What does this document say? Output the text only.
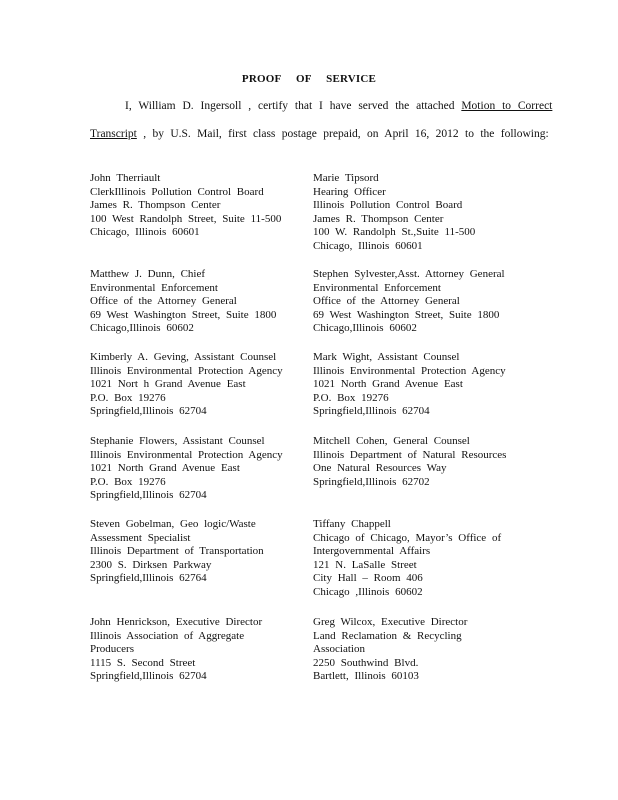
PROOF OF SERVICE
I, William D. Ingersoll , certify that I have served the attached Motion to Correct
Transcript , by U.S. Mail, first class postage prepaid, on April 16, 2012 to the following:
John Therriault
ClerkIllinois Pollution Control Board
James R. Thompson Center
100 West Randolph Street, Suite 11-500
Chicago, Illinois 60601
Marie Tipsord
Hearing Officer
Illinois Pollution Control Board
James R. Thompson Center
100 W. Randolph St.,Suite 11-500
Chicago, Illinois 60601
Matthew J. Dunn, Chief
Environmental Enforcement
Office of the Attorney General
69 West Washington Street, Suite 1800
Chicago,Illinois 60602
Stephen Sylvester,Asst. Attorney General
Environmental Enforcement
Office of the Attorney General
69 West Washington Street, Suite 1800
Chicago,Illinois 60602
Kimberly A. Geving, Assistant Counsel
Illinois Environmental Protection Agency
1021 Nort h Grand Avenue East
P.O. Box 19276
Springfield,Illinois 62704
Mark Wight, Assistant Counsel
Illinois Environmental Protection Agency
1021 North Grand Avenue East
P.O. Box 19276
Springfield,Illinois 62704
Stephanie Flowers, Assistant Counsel
Illinois Environmental Protection Agency
1021 North Grand Avenue East
P.O. Box 19276
Springfield,Illinois 62704
Mitchell Cohen, General Counsel
Illinois Department of Natural Resources
One Natural Resources Way
Springfield,Illinois 62702
Steven Gobelman, Geo logic/Waste
Assessment Specialist
Illinois Department of Transportation
2300 S. Dirksen Parkway
Springfield,Illinois 62764
Tiffany Chappell
Chicago of Chicago, Mayor’s Office of
Intergovernmental Affairs
121 N. LaSalle Street
City Hall – Room 406
Chicago ,Illinois 60602
John Henrickson, Executive Director
Illinois Association of Aggregate
Producers
1115 S. Second Street
Springfield,Illinois 62704
Greg Wilcox, Executive Director
Land Reclamation & Recycling
Association
2250 Southwind Blvd.
Bartlett, Illinois 60103
